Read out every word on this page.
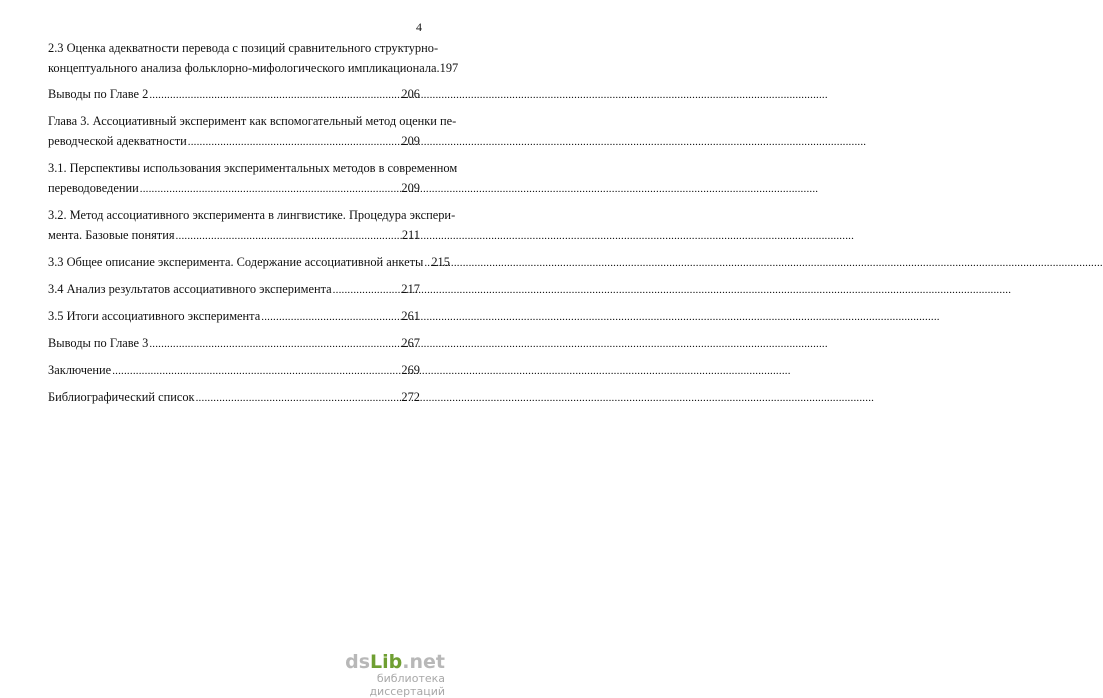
4
2.3 Оценка адекватности перевода с позиций сравнительного структурно-
концептуального анализа фольклорно-мифологического импликационала . 197
Выводы по Главе 2 .....	206
Глава 3. Ассоциативный эксперимент как вспомогательный метод оценки пе-
реводческой адекватности .....	209
3.1. Перспективы использования экспериментальных методов в современном
переводоведении .....	209
3.2. Метод ассоциативного эксперимента в лингвистике. Процедура экспери-
мента. Базовые понятия .....	211
3.3 Общее описание эксперимента. Содержание ассоциативной анкеты ..... 215
3.4 Анализ результатов ассоциативного эксперимента .....	217
3.5 Итоги ассоциативного эксперимента .....	261
Выводы по Главе 3 .....	267
Заключение .....	269
Библиографический список .....	272
ds Lib .net
библиотека диссертаций
